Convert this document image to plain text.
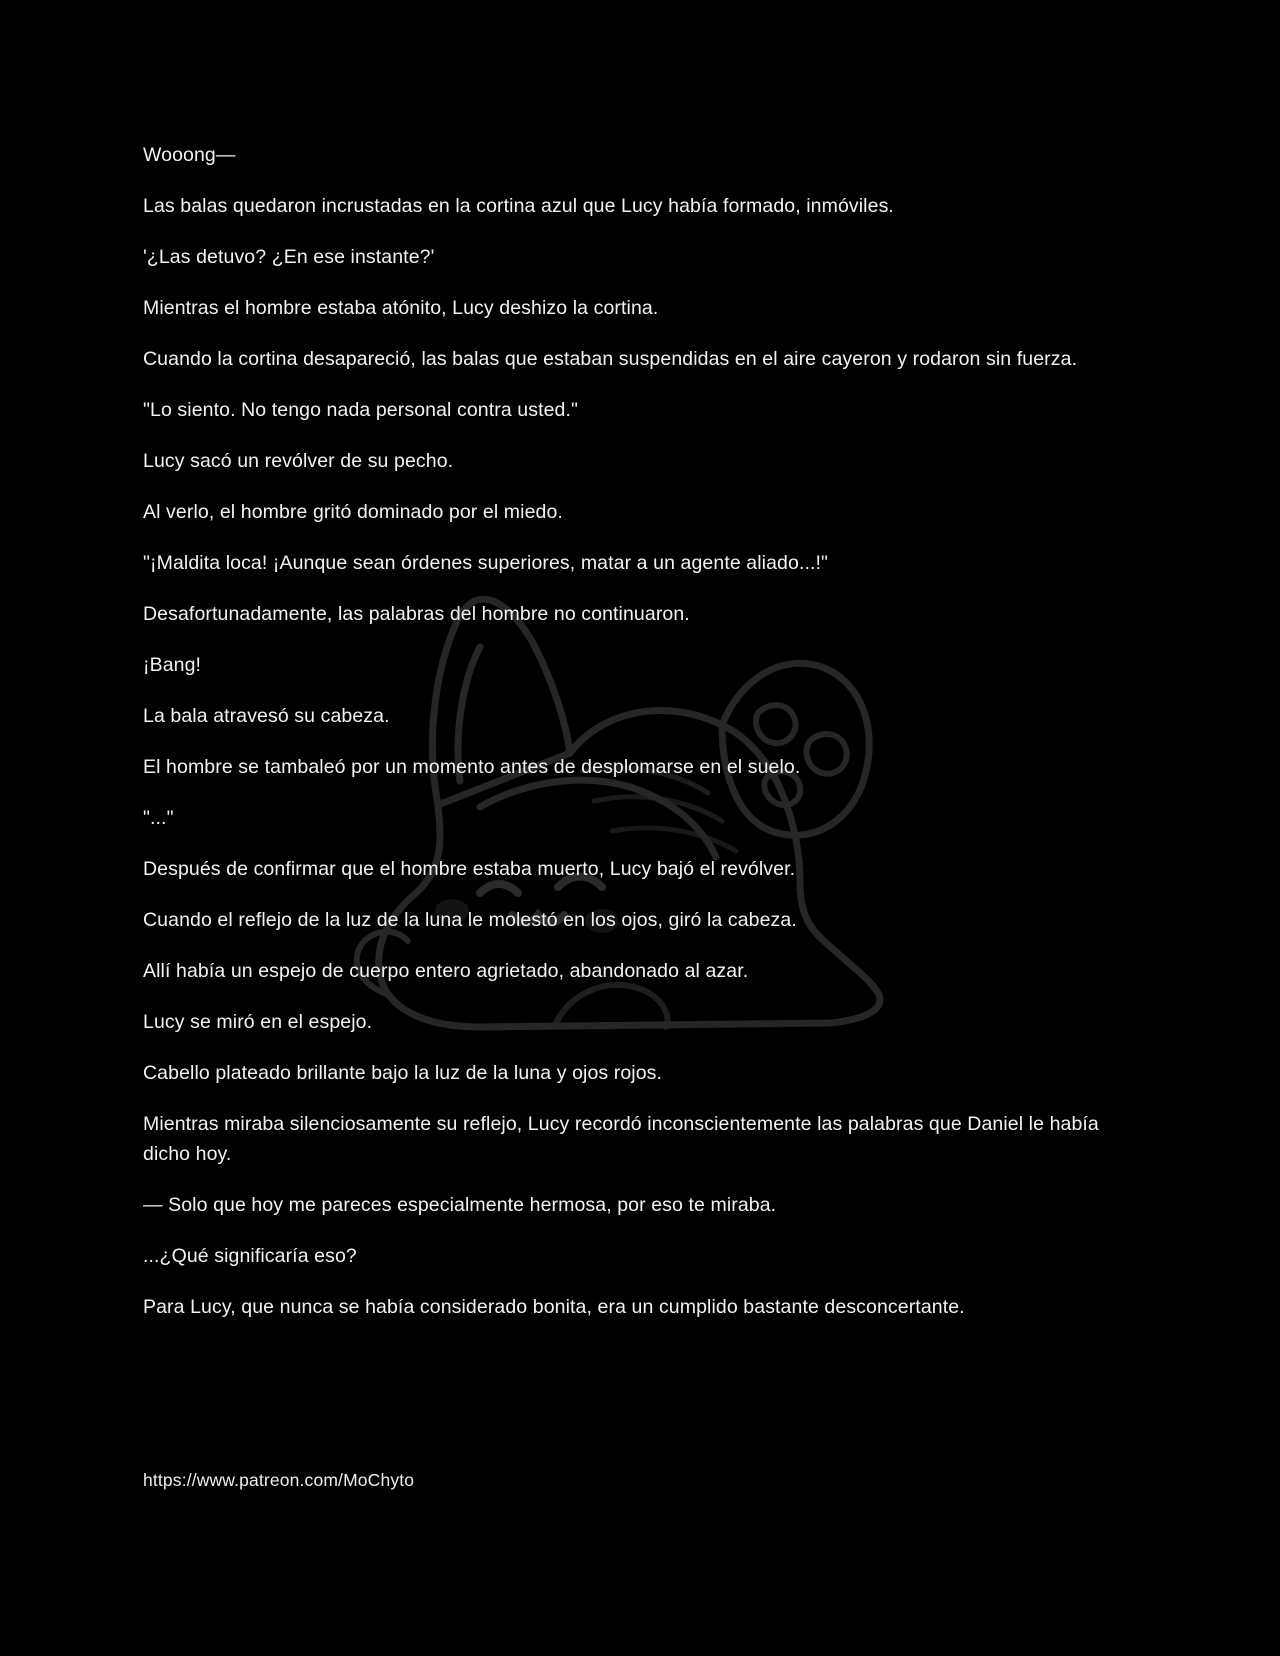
Wooong—

Las balas quedaron incrustadas en la cortina azul que Lucy había formado, inmóviles.

'¿Las detuvo? ¿En ese instante?'

Mientras el hombre estaba atónito, Lucy deshizo la cortina.

Cuando la cortina desapareció, las balas que estaban suspendidas en el aire cayeron y rodaron sin fuerza.

"Lo siento. No tengo nada personal contra usted."

Lucy sacó un revólver de su pecho.

Al verlo, el hombre gritó dominado por el miedo.

"¡Maldita loca! ¡Aunque sean órdenes superiores, matar a un agente aliado...!"

Desafortunadamente, las palabras del hombre no continuaron.

¡Bang!

La bala atravesó su cabeza.

El hombre se tambaleó por un momento antes de desplomarse en el suelo.

"..."

Después de confirmar que el hombre estaba muerto, Lucy bajó el revólver.

Cuando el reflejo de la luz de la luna le molestó en los ojos, giró la cabeza.

Allí había un espejo de cuerpo entero agrietado, abandonado al azar.

Lucy se miró en el espejo.

Cabello plateado brillante bajo la luz de la luna y ojos rojos.

Mientras miraba silenciosamente su reflejo, Lucy recordó inconscientemente las palabras que Daniel le había dicho hoy.

— Solo que hoy me pareces especialmente hermosa, por eso te miraba.

...¿Qué significaría eso?

Para Lucy, que nunca se había considerado bonita, era un cumplido bastante desconcertante.

https://www.patreon.com/MoChyto
